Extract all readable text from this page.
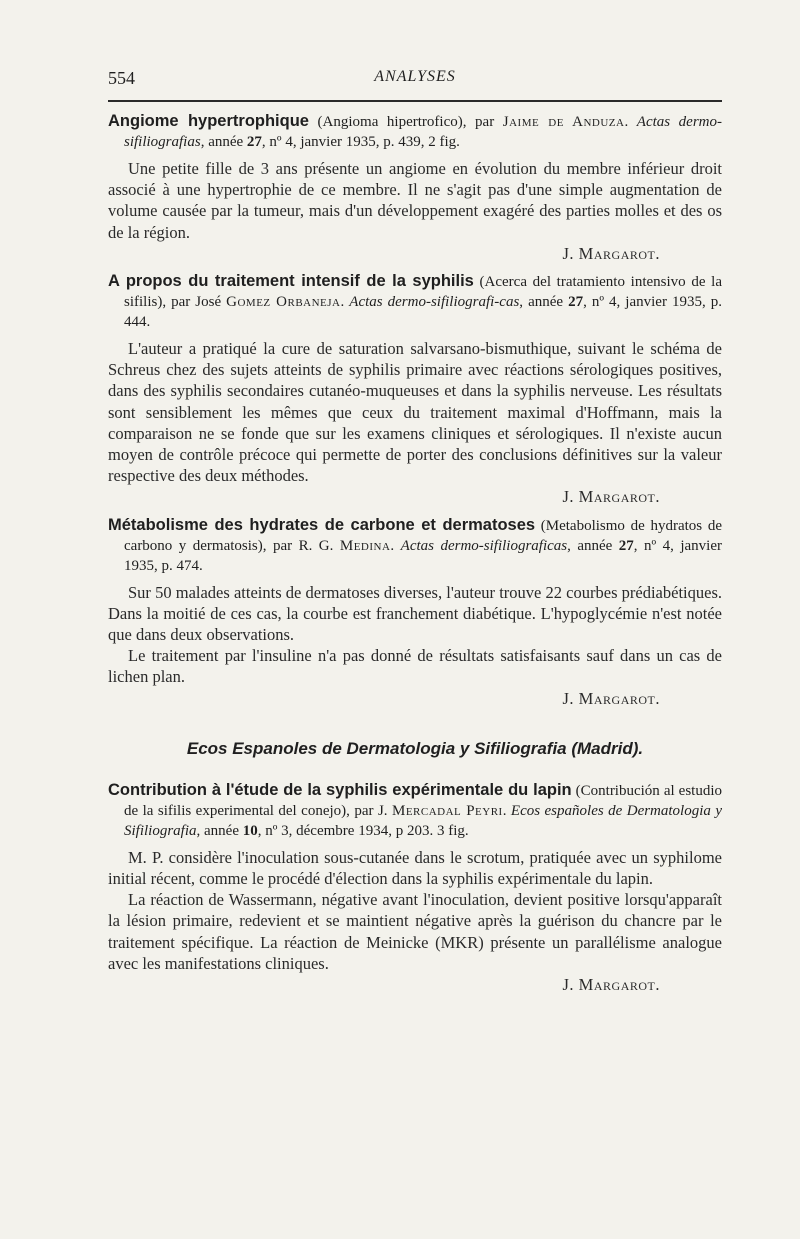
554	ANALYSES

Angiome hypertrophique (Angioma hipertrofico), par Jaime de Anduza. Actas dermo-sifiliografias, année 27, nº 4, janvier 1935, p. 439, 2 fig.

Une petite fille de 3 ans présente un angiome en évolution du membre inférieur droit associé à une hypertrophie de ce membre. Il ne s'agit pas d'une simple augmentation de volume causée par la tumeur, mais d'un développement exagéré des parties molles et des os de la région.

J. Margarot.

A propos du traitement intensif de la syphilis (Acerca del tratamiento intensivo de la sifilis), par José Gomez Orbaneja. Actas dermo-sifiliografi-cas, année 27, nº 4, janvier 1935, p. 444.

L'auteur a pratiqué la cure de saturation salvarsano-bismuthique, suivant le schéma de Schreus chez des sujets atteints de syphilis primaire avec réactions sérologiques positives, dans des syphilis secondaires cutanéo-muqueuses et dans la syphilis nerveuse. Les résultats sont sensiblement les mêmes que ceux du traitement maximal d'Hoffmann, mais la comparaison ne se fonde que sur les examens cliniques et sérologiques. Il n'existe aucun moyen de contrôle précoce qui permette de porter des conclusions définitives sur la valeur respective des deux méthodes.

J. Margarot.

Métabolisme des hydrates de carbone et dermatoses (Metabolismo de hydratos de carbono y dermatosis), par R. G. Medina. Actas dermo-sifiliograficas, année 27, nº 4, janvier 1935, p. 474.

Sur 50 malades atteints de dermatoses diverses, l'auteur trouve 22 courbes prédiabétiques. Dans la moitié de ces cas, la courbe est franchement diabétique. L'hypoglycémie n'est notée que dans deux observations.

Le traitement par l'insuline n'a pas donné de résultats satisfaisants sauf dans un cas de lichen plan.

J. Margarot.
Ecos Espanoles de Dermatologia y Sifiliografia (Madrid).

Contribution à l'étude de la syphilis expérimentale du lapin (Contribución al estudio de la sifilis experimental del conejo), par J. Mercadal Peyri. Ecos españoles de Dermatologia y Sifiliografia, année 10, nº 3, décembre 1934, p 203. 3 fig.

M. P. considère l'inoculation sous-cutanée dans le scrotum, pratiquée avec un syphilome initial récent, comme le procédé d'élection dans la syphilis expérimentale du lapin.

La réaction de Wassermann, négative avant l'inoculation, devient positive lorsqu'apparaît la lésion primaire, redevient et se maintient négative après la guérison du chancre par le traitement spécifique. La réaction de Meinicke (MKR) présente un parallélisme analogue avec les manifestations cliniques.

J. Margarot.
